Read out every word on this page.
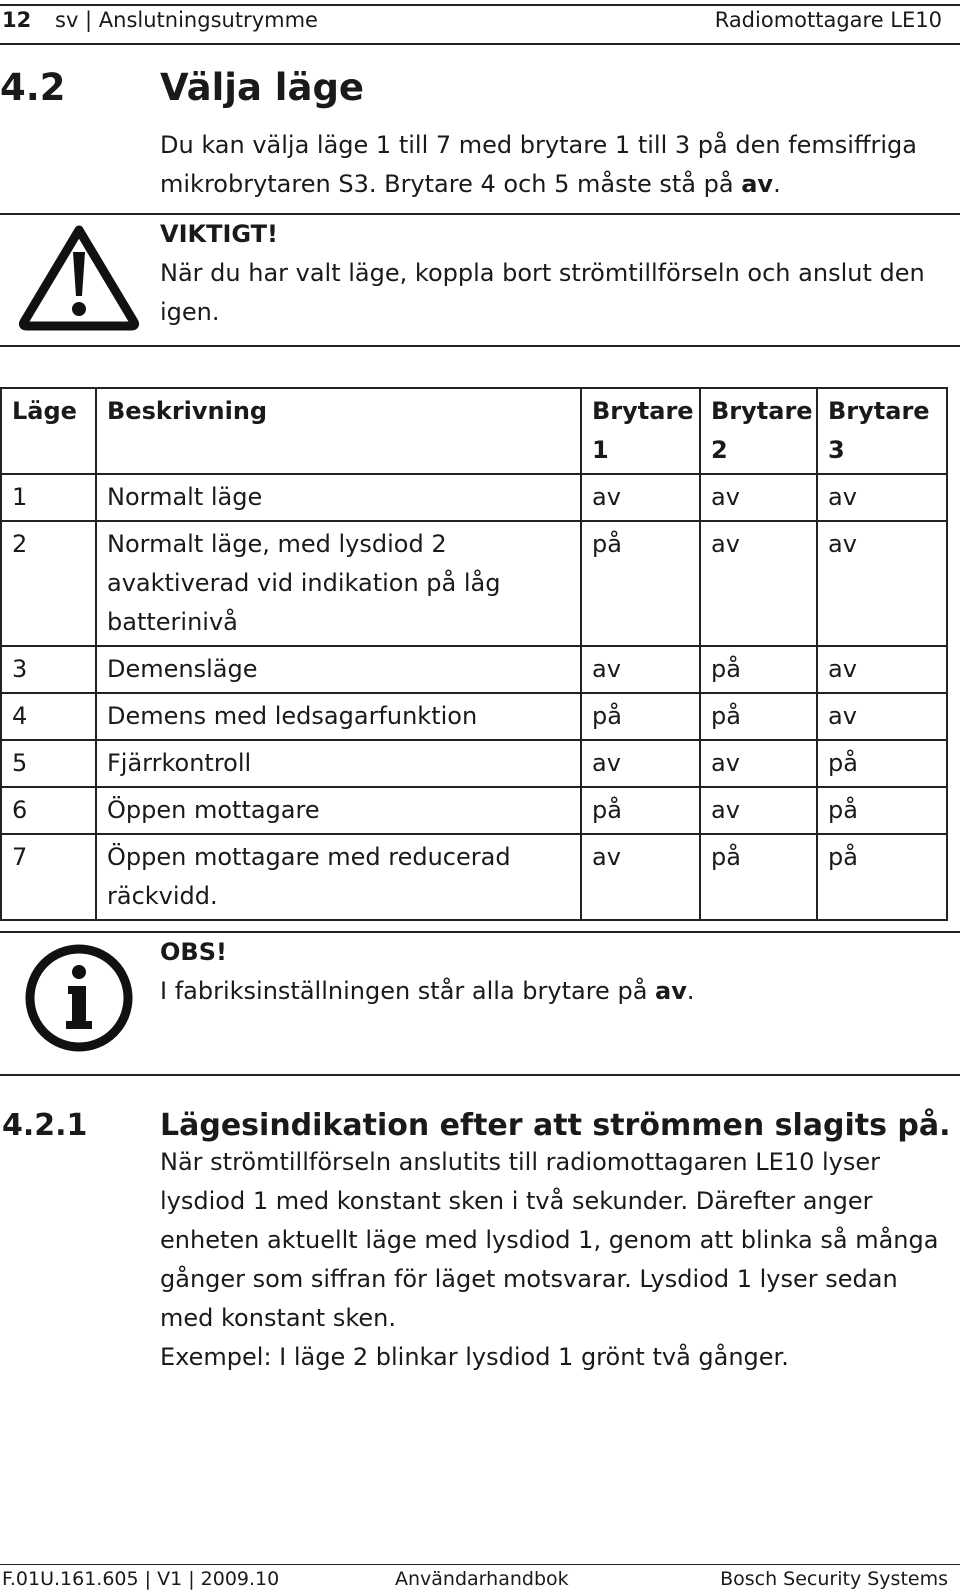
12 sv | Anslutningsutrymme	Radiomottagare LE10
4.2	Välja läge
Du kan välja läge 1 till 7 med brytare 1 till 3 på den femsiffriga mikrobrytaren S3. Brytare 4 och 5 måste stå på av.
VIKTIGT!
När du har valt läge, koppla bort strömtillförseln och anslut den igen.
Läge	Beskrivning	Brytare 1	Brytare 2	Brytare 3
1	Normalt läge	av	av	av
2	Normalt läge, med lysdiod 2 avaktiverad vid indikation på låg batterinivå	på	av	av
3	Demensläge	av	på	av
4	Demens med ledsagarfunktion	på	på	av
5	Fjärrkontroll	av	av	på
6	Öppen mottagare	på	av	på
7	Öppen mottagare med reducerad räckvidd.	av	på	på
OBS!
I fabriksinställningen står alla brytare på av.
4.2.1 Lägesindikation efter att strömmen slagits på.
När strömtillförseln anslutits till radiomottagaren LE10 lyser lysdiod 1 med konstant sken i två sekunder. Därefter anger enheten aktuellt läge med lysdiod 1, genom att blinka så många gånger som siffran för läget motsvarar. Lysdiod 1 lyser sedan med konstant sken.
Exempel: I läge 2 blinkar lysdiod 1 grönt två gånger.
F.01U.161.605 | V1 | 2009.10	Användarhandbok	Bosch Security Systems
